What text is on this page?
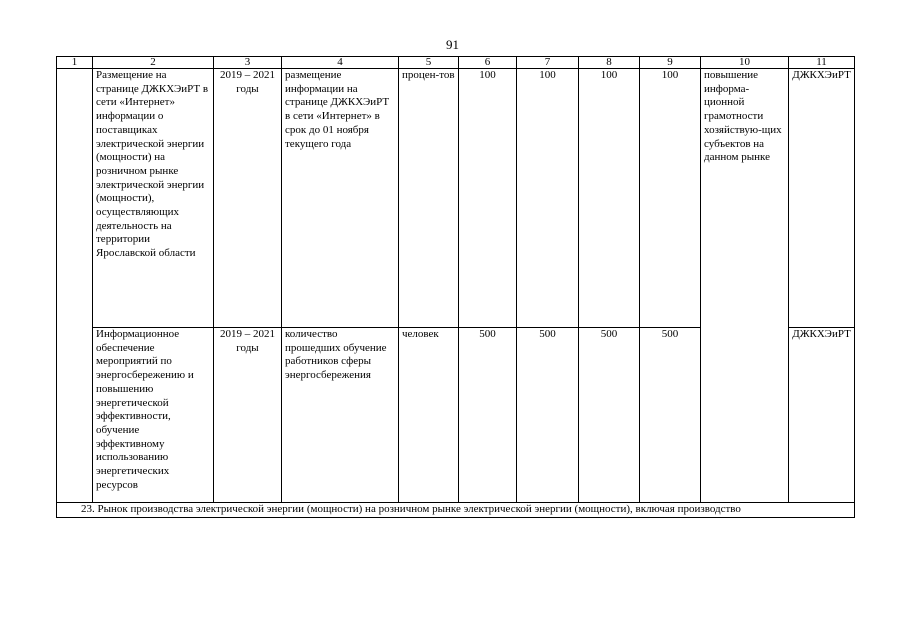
91
1	2	3	4	5	6	7	8	9	10	11
	Размещение на странице ДЖКХЭиРТ в сети «Интернет» информации о поставщиках электрической энергии (мощности) на розничном рынке электрической энергии (мощности), осуществляющих деятельность на территории Ярославской области	2019 – 2021 годы	размещение информации на странице ДЖКХЭиРТ в сети «Интернет» в срок до 01 ноября текущего года	процен-тов	100	100	100	100	повышение информа-ционной грамотности хозяйствую-щих субъектов на данном рынке	ДЖКХЭиРТ
	Информационное обеспечение мероприятий по энергосбережению и повышению энергетической эффективности, обучение эффективному использованию энергетических ресурсов	2019 – 2021 годы	количество прошедших обучение работников сферы энергосбережения	человек	500	500	500	500		ДЖКХЭиРТ
23. Рынок производства электрической энергии (мощности) на розничном рынке электрической энергии (мощности), включая производство										
